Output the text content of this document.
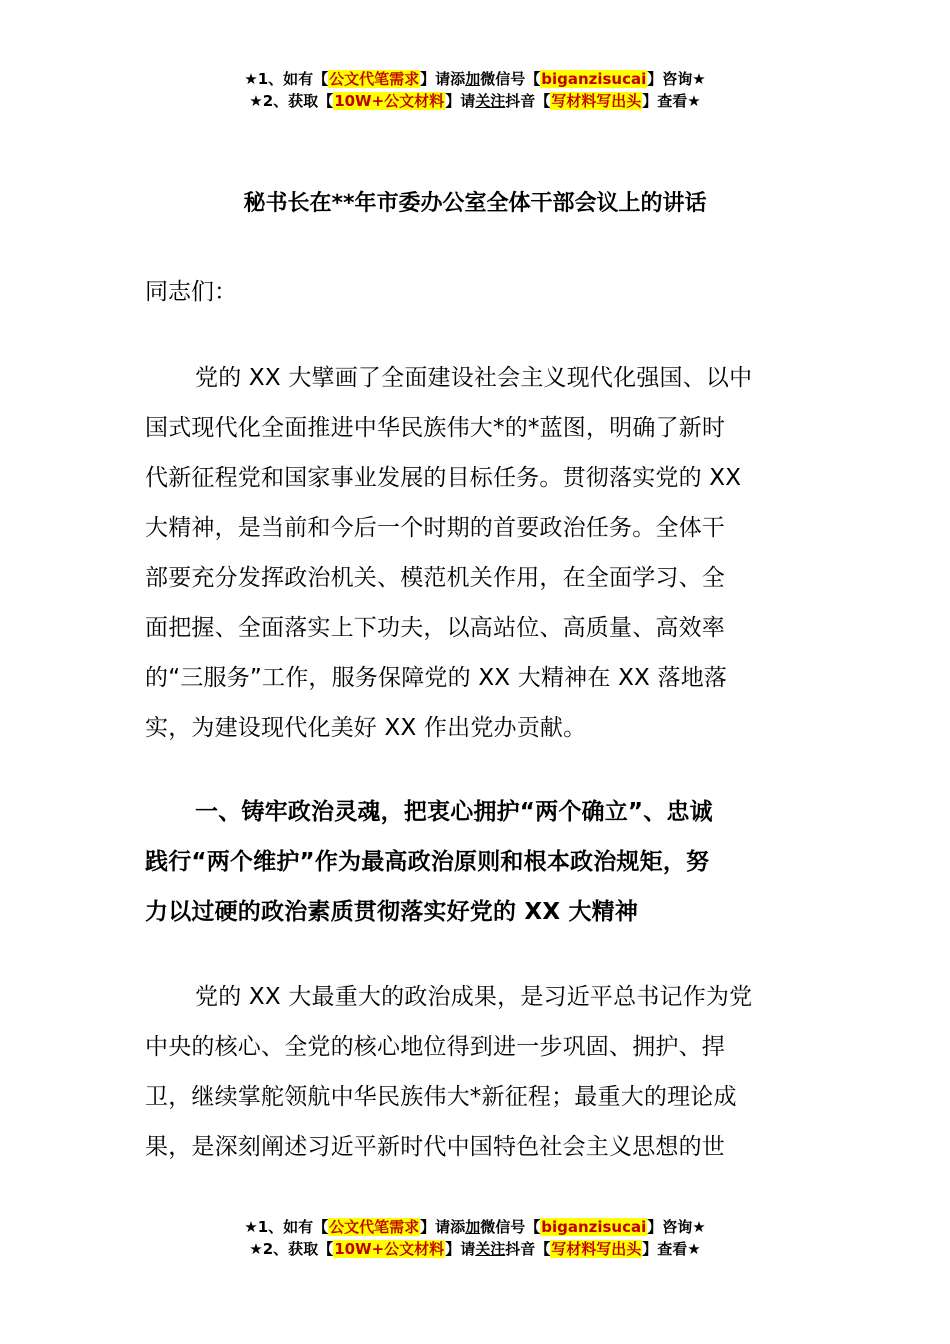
★1、如有【公文代笔需求】请添加微信号【biganzisucai】咨询★
★2、获取【10W+公文材料】请关注抖音【写材料写出头】查看★
秘书长在**年市委办公室全体干部会议上的讲话
同志们：
党的 XX 大擘画了全面建设社会主义现代化强国、以中
国式现代化全面推进中华民族伟大*的*蓝图，明确了新时
代新征程党和国家事业发展的目标任务。贯彻落实党的 XX
大精神，是当前和今后一个时期的首要政治任务。全体干
部要充分发挥政治机关、模范机关作用，在全面学习、全
面把握、全面落实上下功夫，以高站位、高质量、高效率
的“三服务”工作，服务保障党的 XX 大精神在 XX 落地落
实，为建设现代化美好 XX 作出党办贡献。
一、铸牢政治灵魂，把衷心拥护“两个确立”、忠诚
践行“两个维护”作为最高政治原则和根本政治规矩，努
力以过硬的政治素质贯彻落实好党的 XX 大精神
党的 XX 大最重大的政治成果，是习近平总书记作为党
中央的核心、全党的核心地位得到进一步巩固、拥护、捍
卫，继续掌舵领航中华民族伟大*新征程；最重大的理论成
果，是深刻阐述习近平新时代中国特色社会主义思想的世
★1、如有【公文代笔需求】请添加微信号【biganzisucai】咨询★
★2、获取【10W+公文材料】请关注抖音【写材料写出头】查看★
